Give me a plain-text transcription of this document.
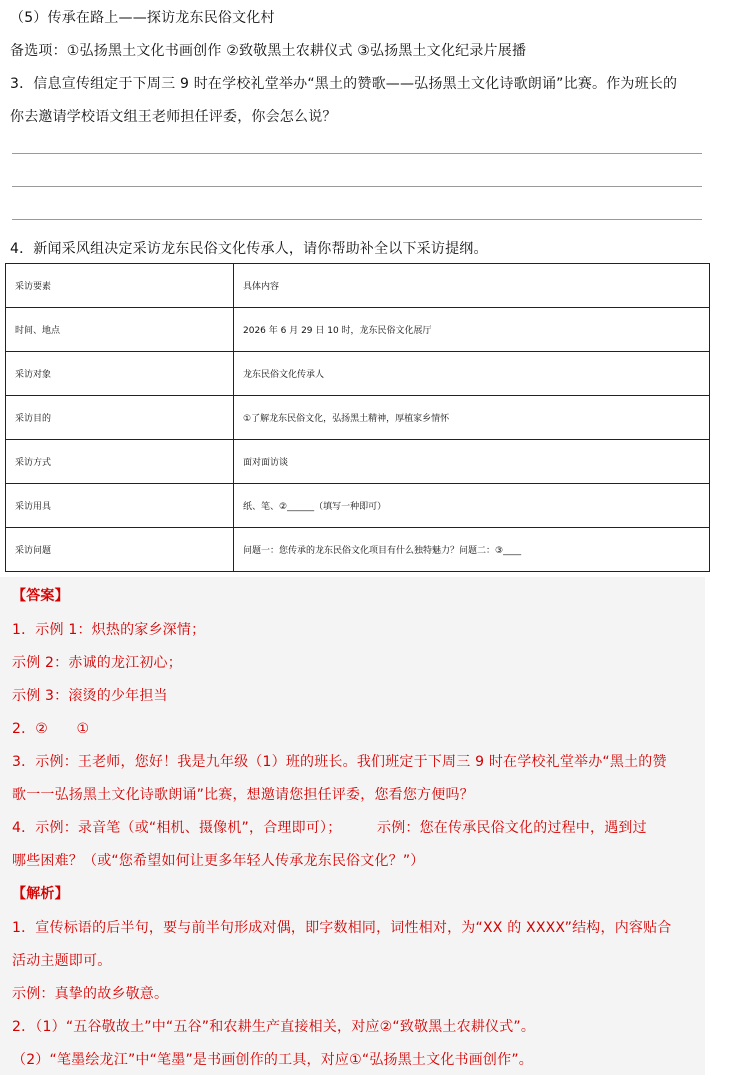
（5）传承在路上——探访龙东民俗文化村
备选项：①弘扬黑土文化书画创作 ②致敬黑土农耕仪式 ③弘扬黑土文化纪录片展播
3．信息宣传组定于下周三 9 时在学校礼堂举办“黑土的赞歌——弘扬黑土文化诗歌朗诵”比赛。作为班长的
你去邀请学校语文组王老师担任评委，你会怎么说？
4．新闻采风组决定采访龙东民俗文化传承人，请你帮助补全以下采访提纲。
采访要素	具体内容
时间、地点	2026 年 6 月 29 日 10 时，龙东民俗文化展厅
采访对象	龙东民俗文化传承人
采访目的	①了解龙东民俗文化，弘扬黑土精神，厚植家乡情怀
采访方式	面对面访谈
采访用具	纸、笔、②______（填写一种即可）
采访问题	问题一：您传承的龙东民俗文化项目有什么独特魅力？问题二：③____
【答案】
1．示例 1：炽热的家乡深情；
示例 2：赤诚的龙江初心；
示例 3：滚烫的少年担当
2．②　　①
3．示例：王老师，您好！我是九年级（1）班的班长。我们班定于下周三 9 时在学校礼堂举办“黑土的赞
歌一一弘扬黑土文化诗歌朗诵”比赛，想邀请您担任评委，您看您方便吗？
4．示例：录音笔（或“相机、摄像机”，合理即可）；　　　示例：您在传承民俗文化的过程中，遇到过
哪些困难？（或“您希望如何让更多年轻人传承龙东民俗文化？”）
【解析】
1．宣传标语的后半句，要与前半句形成对偶，即字数相同，词性相对，为“XX 的 XXXX”结构，内容贴合
活动主题即可。
示例：真挚的故乡敬意。
2．（1）“五谷敬故土”中“五谷”和农耕生产直接相关，对应②“致敬黑土农耕仪式”。
（2）“笔墨绘龙江”中“笔墨”是书画创作的工具，对应①“弘扬黑土文化书画创作”。
